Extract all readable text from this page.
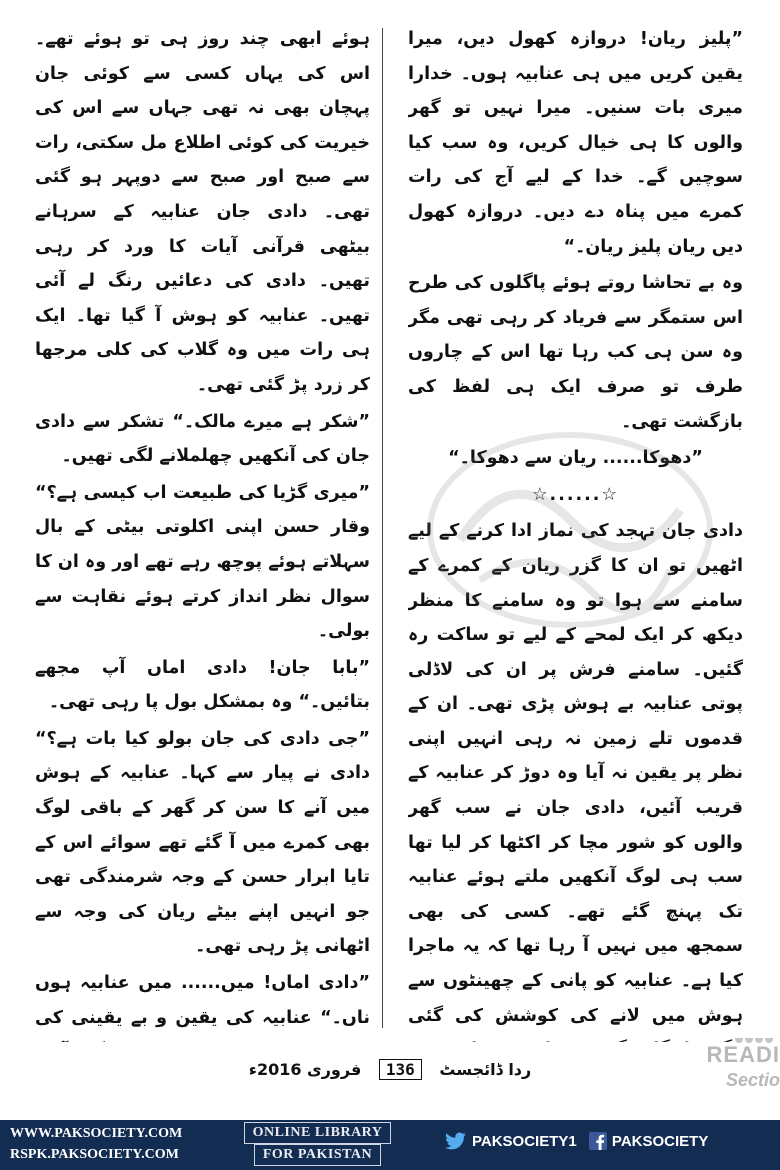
”پلیز ریان! دروازہ کھول دیں، میرا یقین کریں میں ہی عنابیہ ہوں۔ خدارا میری بات سنیں۔ میرا نہیں تو گھر والوں کا ہی خیال کریں، وہ سب کیا سوچیں گے۔ خدا کے لیے آج کی رات کمرے میں پناہ دے دیں۔ دروازہ کھول دیں ریان پلیز ریان۔“

وہ بے تحاشا روتے ہوئے پاگلوں کی طرح اس ستمگر سے فریاد کر رہی تھی مگر وہ سن ہی کب رہا تھا اس کے چاروں طرف تو صرف ایک ہی لفظ کی بازگشت تھی۔

”دھوکا...... ریان سے دھوکا۔“

☆......☆

دادی جان تہجد کی نماز ادا کرنے کے لیے اٹھیں تو ان کا گزر ریان کے کمرے کے سامنے سے ہوا تو وہ سامنے کا منظر دیکھ کر ایک لمحے کے لیے تو ساکت رہ گئیں۔ سامنے فرش پر ان کی لاڈلی پوتی عنابیہ بے ہوش پڑی تھی۔ ان کے قدموں تلے زمین نہ رہی انہیں اپنی نظر پر یقین نہ آیا وہ دوڑ کر عنابیہ کے قریب آئیں، دادی جان نے سب گھر والوں کو شور مچا کر اکٹھا کر لیا تھا سب ہی لوگ آنکھیں ملتے ہوئے عنابیہ تک پہنچ گئے تھے۔ کسی کی بھی سمجھ میں نہیں آ رہا تھا کہ یہ ماجرا کیا ہے۔ عنابیہ کو پانی کے چھینٹوں سے ہوش میں لانے کی کوشش کی گئی

ہوئے ابھی چند روز ہی تو ہوئے تھے۔ اس کی یہاں کسی سے کوئی جان پہچان بھی نہ تھی جہاں سے اس کی خیریت کی کوئی اطلاع مل سکتی، رات سے صبح اور صبح سے دوپہر ہو گئی تھی۔ دادی جان عنابیہ کے سرہانے بیٹھی قرآنی آیات کا ورد کر رہی تھیں۔ دادی کی دعائیں رنگ لے آئی تھیں۔ عنابیہ کو ہوش آ گیا تھا۔ ایک ہی رات میں وہ گلاب کی کلی مرجھا کر زرد پڑ گئی تھی۔

”شکر ہے میرے مالک۔“ تشکر سے دادی جان کی آنکھیں چھلملانے لگی تھیں۔

”میری گڑیا کی طبیعت اب کیسی ہے؟“ وقار حسن اپنی اکلوتی بیٹی کے بال سہلاتے ہوئے پوچھ رہے تھے اور وہ ان کا سوال نظر انداز کرتے ہوئے نقاہت سے بولی۔

”بابا جان! دادی اماں آپ مجھے بتائیں۔“ وہ بمشکل بول پا رہی تھی۔

”جی دادی کی جان بولو کیا بات ہے؟“ دادی نے پیار سے کہا۔ عنابیہ کے ہوش میں آنے کا سن کر گھر کے باقی لوگ بھی کمرے میں آ گئے تھے سوائے اس کے تایا ابرار حسن کے وجہ شرمندگی تھی جو انہیں اپنے بیٹے ریان کی وجہ سے اٹھانی پڑ رہی تھی۔

”دادی اماں! میں...... میں عنابیہ ہوں ناں۔“ عنابیہ کی یقین و بے یقینی کی

READI
Sectio
ردا ڈائجسٹ 136 فروری 2016ء
WWW.PAKSOCIETY.COM
RSPK.PAKSOCIETY.COM
ONLINE LIBRARY
FOR PAKISTAN
PAKSOCIETY1
PAKSOCIETY
